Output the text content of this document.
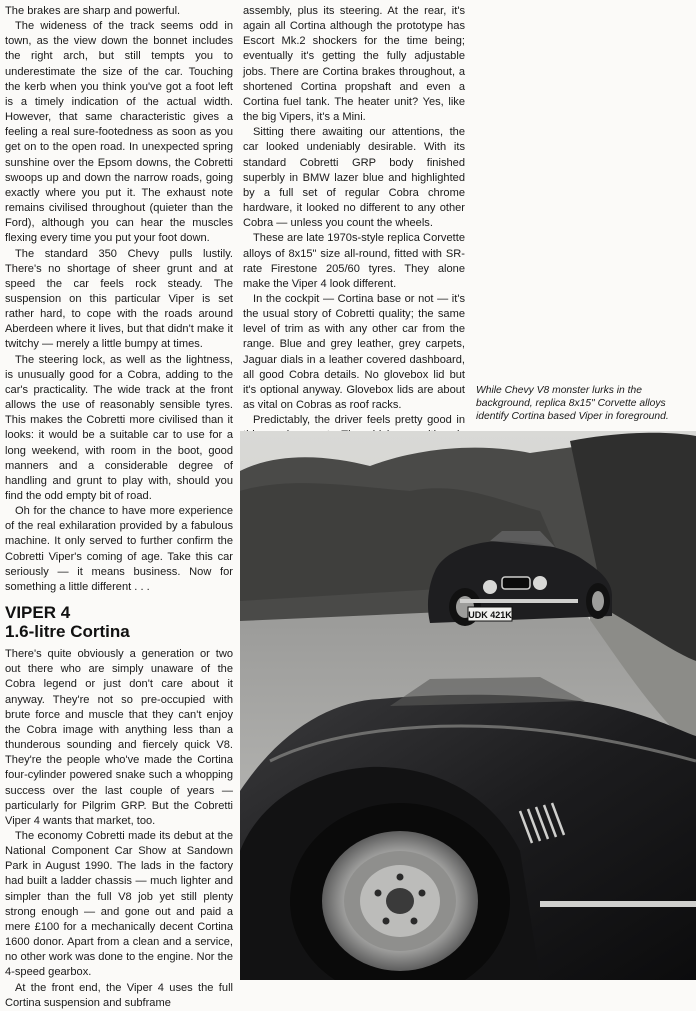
The brakes are sharp and powerful.

The wideness of the track seems odd in town, as the view down the bonnet includes the right arch, but still tempts you to underestimate the size of the car. Touching the kerb when you think you've got a foot left is a timely indication of the actual width. However, that same characteristic gives a feeling a real sure-footedness as soon as you get on to the open road. In unexpected spring sunshine over the Epsom downs, the Cobretti swoops up and down the narrow roads, going exactly where you put it. The exhaust note remains civilised throughout (quieter than the Ford), although you can hear the muscles flexing every time you put your foot down.

The standard 350 Chevy pulls lustily. There's no shortage of sheer grunt and at speed the car feels rock steady. The suspension on this particular Viper is set rather hard, to cope with the roads around Aberdeen where it lives, but that didn't make it twitchy — merely a little bumpy at times.

The steering lock, as well as the lightness, is unusually good for a Cobra, adding to the car's practicality. The wide track at the front allows the use of reasonably sensible tyres. This makes the Cobretti more civilised than it looks: it would be a suitable car to use for a long weekend, with room in the boot, good manners and a considerable degree of handling and grunt to play with, should you find the odd empty bit of road.

Oh for the chance to have more experience of the real exhilaration provided by a fabulous machine. It only served to further confirm the Cobretti Viper's coming of age. Take this car seriously — it means business. Now for something a little different . . .

VIPER 4
1.6-litre Cortina

There's quite obviously a generation or two out there who are simply unaware of the Cobra legend or just don't care about it anyway. They're not so pre-occupied with brute force and muscle that they can't enjoy the Cobra image with anything less than a thunderous sounding and fiercely quick V8. They're the people who've made the Cortina four-cylinder powered snake such a whopping success over the last couple of years — particularly for Pilgrim GRP. But the Cobretti Viper 4 wants that market, too.

The economy Cobretti made its debut at the National Component Car Show at Sandown Park in August 1990. The lads in the factory had built a ladder chassis — much lighter and simpler than the full V8 job yet still plenty strong enough — and gone out and paid a mere £100 for a mechanically decent Cortina 1600 donor. Apart from a clean and a service, no other work was done to the engine. Nor the 4-speed gearbox.

At the front end, the Viper 4 uses the full Cortina suspension and subframe

assembly, plus its steering. At the rear, it's again all Cortina although the prototype has Escort Mk.2 shockers for the time being; eventually it's getting the fully adjustable jobs. There are Cortina brakes throughout, a shortened Cortina propshaft and even a Cortina fuel tank. The heater unit? Yes, like the big Vipers, it's a Mini.

Sitting there awaiting our attentions, the car looked undeniably desirable. With its standard Cobretti GRP body finished superbly in BMW lazer blue and highlighted by a full set of regular Cobra chrome hardware, it looked no different to any other Cobra — unless you count the wheels.

These are late 1970s-style replica Corvette alloys of 8x15" size all-round, fitted with SR-rate Firestone 205/60 tyres. They alone make the Viper 4 look different.

In the cockpit — Cortina base or not — it's the usual story of Cobretti quality; the same level of trim as with any other car from the range. Blue and grey leather, grey carpets, Jaguar dials in a leather covered dashboard, all good Cobra details. No glovebox lid but it's optional anyway. Glovebox lids are about as vital on Cobras as roof racks.

Predictably, the driver feels pretty good in

While Chevy V8 monster lurks in the background, replica 8x15" Corvette alloys identify Cortina based Viper in foreground.
UDK 421K
